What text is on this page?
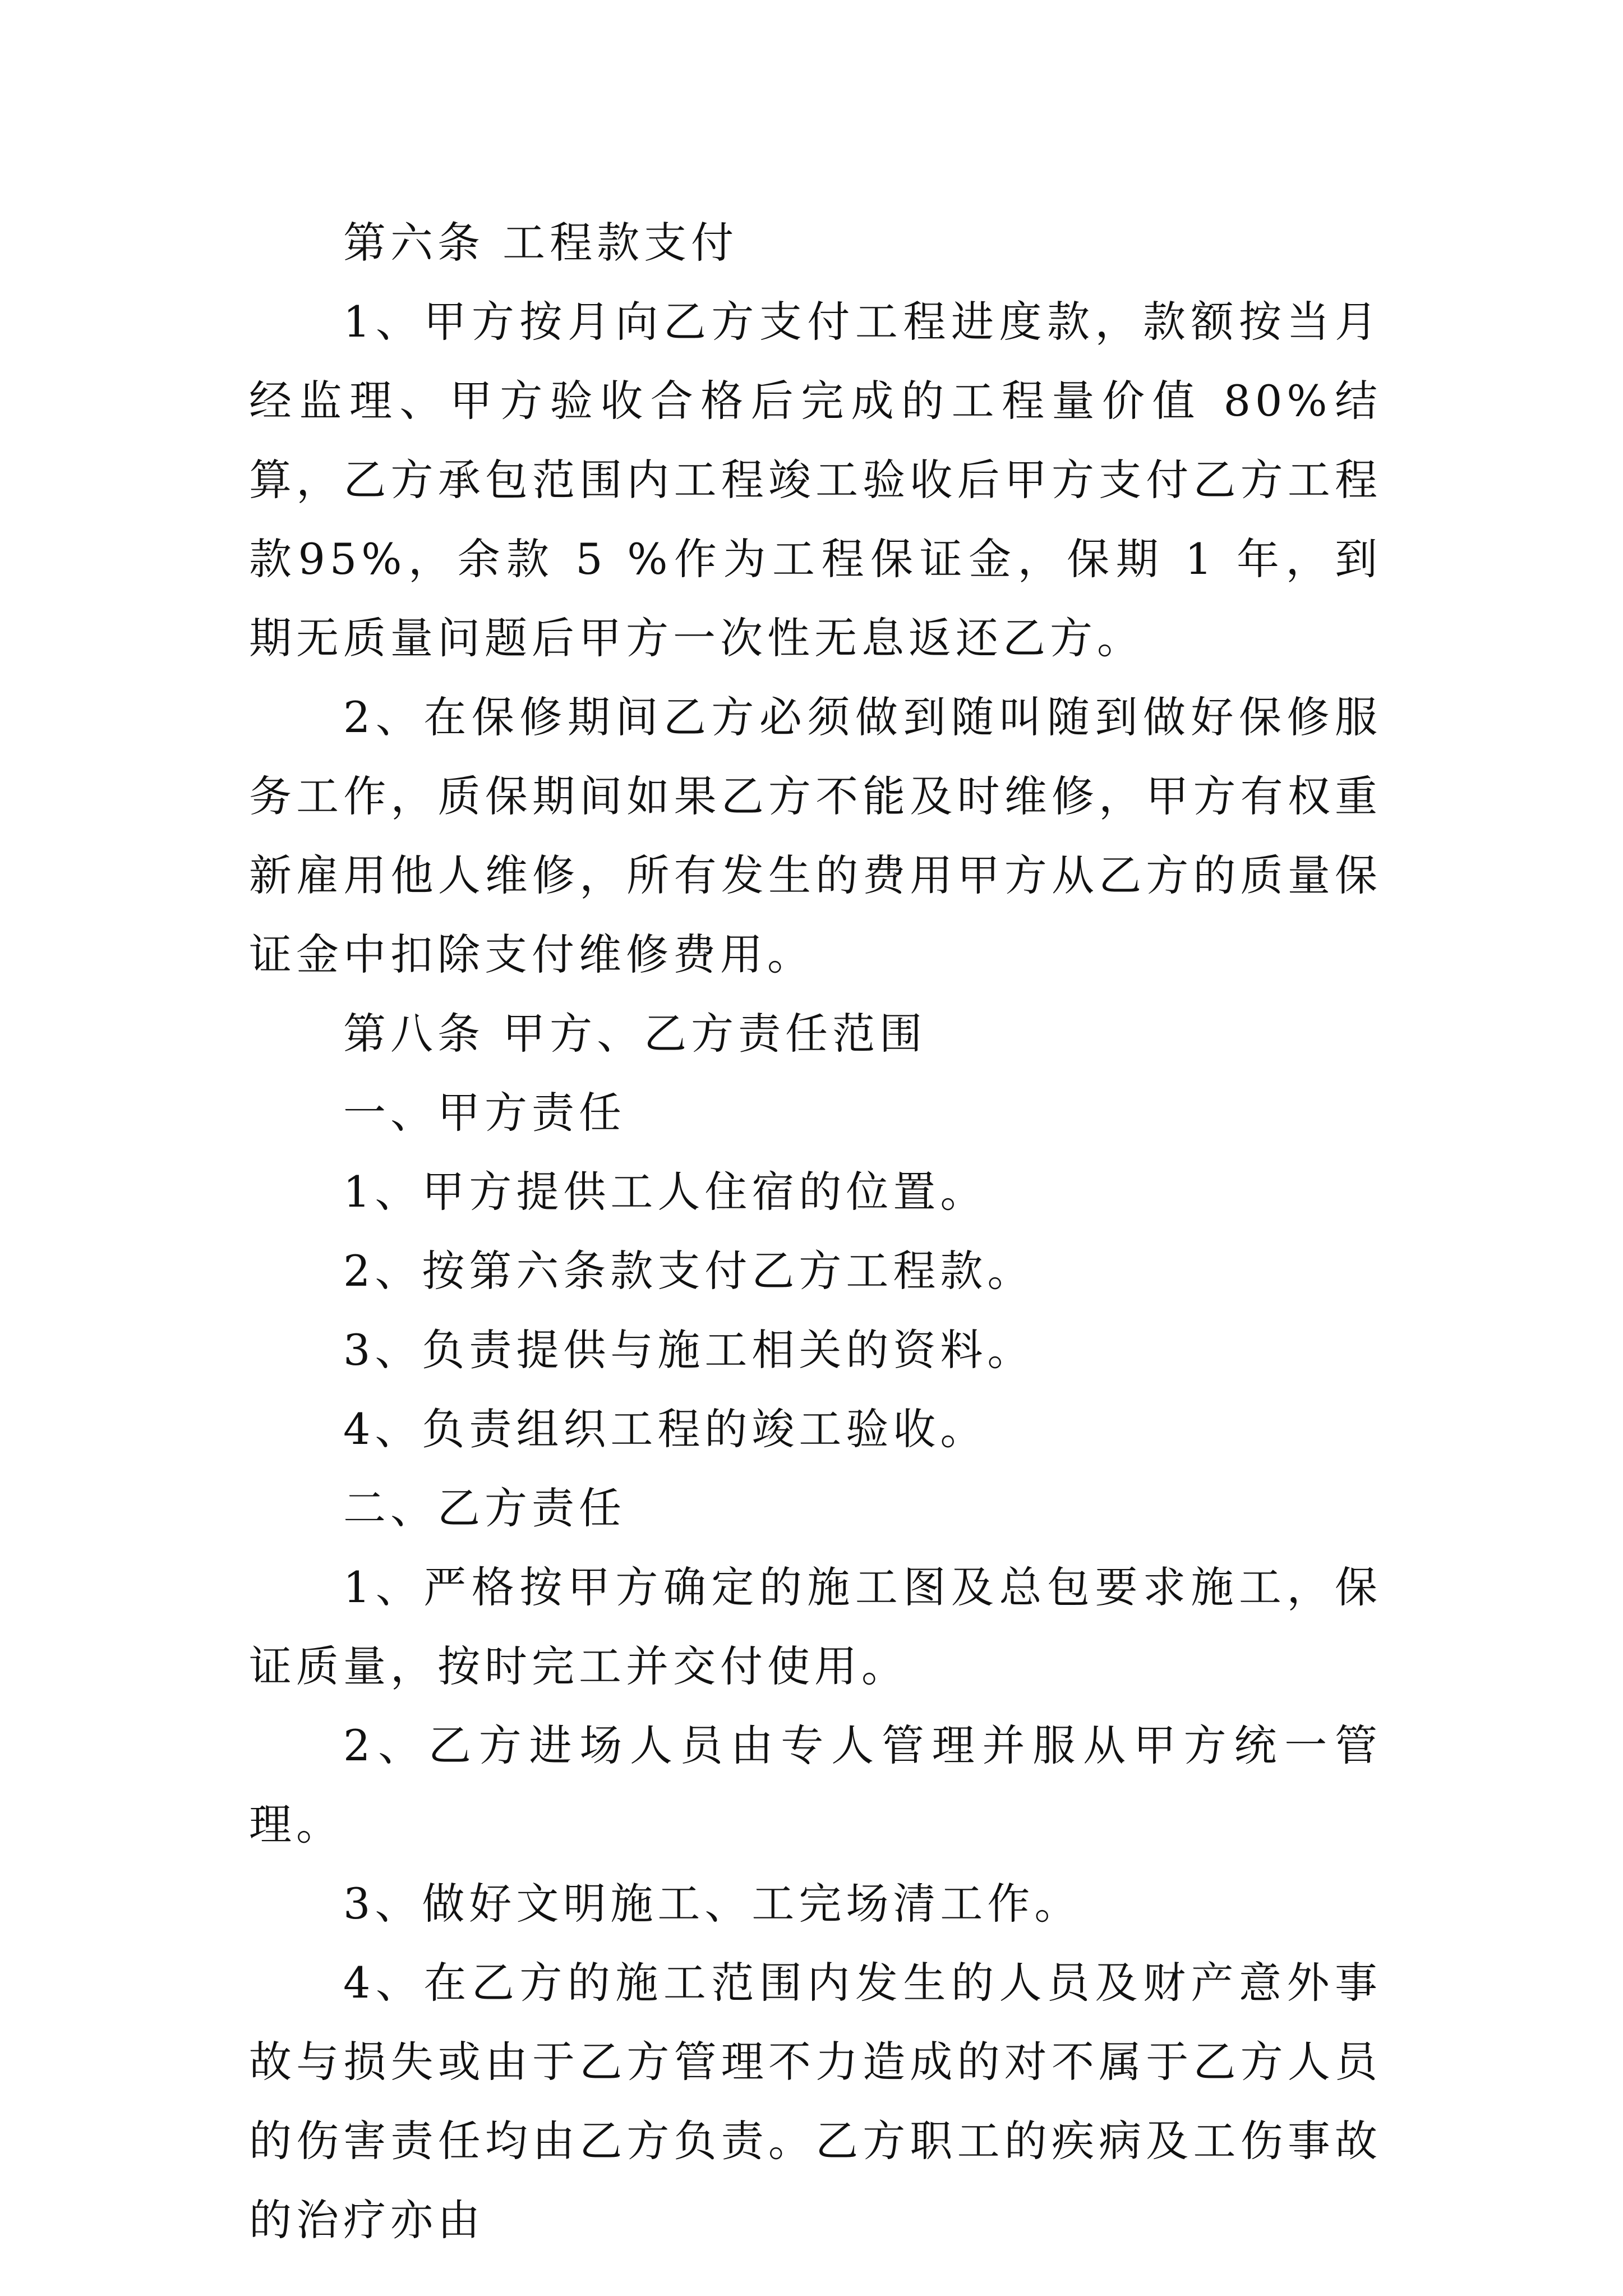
第六条 工程款支付

1、甲方按月向乙方支付工程进度款，款额按当月经监理、甲方验收合格后完成的工程量价值 80%结算，乙方承包范围内工程竣工验收后甲方支付乙方工程款95%，余款 5 %作为工程保证金，保期 1 年，到期无质量问题后甲方一次性无息返还乙方。

2、在保修期间乙方必须做到随叫随到做好保修服务工作，质保期间如果乙方不能及时维修，甲方有权重新雇用他人维修，所有发生的费用甲方从乙方的质量保证金中扣除支付维修费用。

第八条 甲方、乙方责任范围

一、甲方责任

1、甲方提供工人住宿的位置。

2、按第六条款支付乙方工程款。

3、负责提供与施工相关的资料。

4、负责组织工程的竣工验收。

二、乙方责任

1、严格按甲方确定的施工图及总包要求施工，保证质量，按时完工并交付使用。

2、乙方进场人员由专人管理并服从甲方统一管理。

3、做好文明施工、工完场清工作。

4、在乙方的施工范围内发生的人员及财产意外事故与损失或由于乙方管理不力造成的对不属于乙方人员的伤害责任均由乙方负责。乙方职工的疾病及工伤事故的治疗亦由
